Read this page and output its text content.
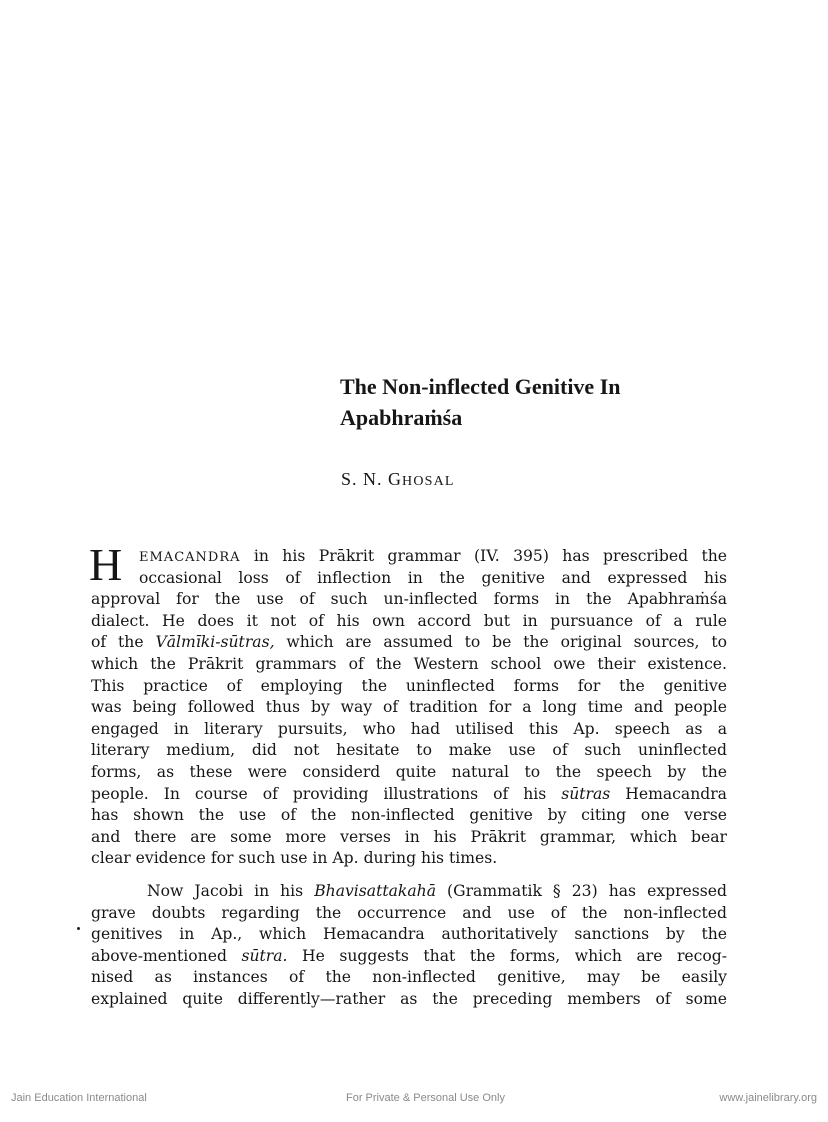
The Non-inflected Genitive In
Apabhraṁśa
S. N. GHOSAL
H	EMACANDRA in his Prākrit grammar (IV. 395) has prescribed the
occasional loss of inflection in the genitive and expressed his
approval for the use of such un-inflected forms in the Apabhraṁśa
dialect. He does it not of his own accord but in pursuance of a rule
of the Vālmīki-sūtras, which are assumed to be the original sources, to
which the Prākrit grammars of the Western school owe their existence.
This practice of employing the uninflected forms for the genitive
was being followed thus by way of tradition for a long time and people
engaged in literary pursuits, who had utilised this Ap. speech as a
literary medium, did not hesitate to make use of such uninflected
forms, as these were considerd quite natural to the speech by the
people. In course of providing illustrations of his sūtras Hemacandra
has shown the use of the non-inflected genitive by citing one verse
and there are some more verses in his Prākrit grammar, which bear
clear evidence for such use in Ap. during his times.
Now Jacobi in his Bhavisattakahā (Grammatik § 23) has expressed
grave doubts regarding the occurrence and use of the non-inflected
genitives in Ap., which Hemacandra authoritatively sanctions by the
above-mentioned sūtra. He suggests that the forms, which are recog-
nised as instances of the non-inflected genitive, may be easily
explained quite differently—rather as the preceding members of some
Jain Education International	For Private & Personal Use Only	www.jainelibrary.org
